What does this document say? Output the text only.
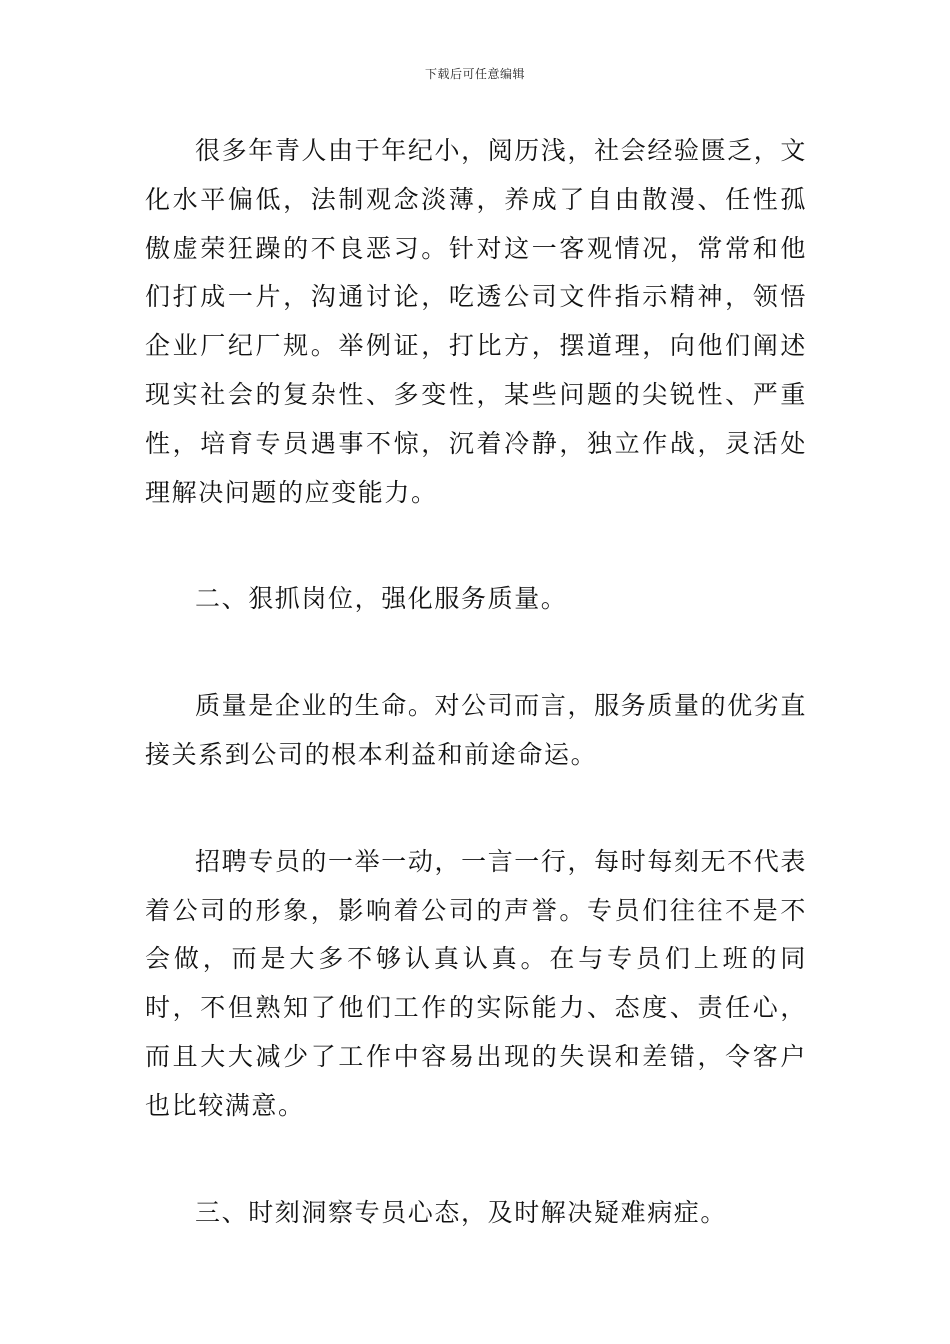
下载后可任意编辑

很多年青人由于年纪小，阅历浅，社会经验匮乏，文化水平偏低，法制观念淡薄，养成了自由散漫、任性孤傲虚荣狂躁的不良恶习。针对这一客观情况，常常和他们打成一片，沟通讨论，吃透公司文件指示精神，领悟企业厂纪厂规。举例证，打比方，摆道理，向他们阐述现实社会的复杂性、多变性，某些问题的尖锐性、严重性，培育专员遇事不惊，沉着冷静，独立作战，灵活处理解决问题的应变能力。

二、狠抓岗位，强化服务质量。

质量是企业的生命。对公司而言，服务质量的优劣直接关系到公司的根本利益和前途命运。

招聘专员的一举一动，一言一行，每时每刻无不代表着公司的形象，影响着公司的声誉。专员们往往不是不会做，而是大多不够认真认真。在与专员们上班的同时，不但熟知了他们工作的实际能力、态度、责任心，而且大大减少了工作中容易出现的失误和差错，令客户也比较满意。

三、时刻洞察专员心态，及时解决疑难病症。
